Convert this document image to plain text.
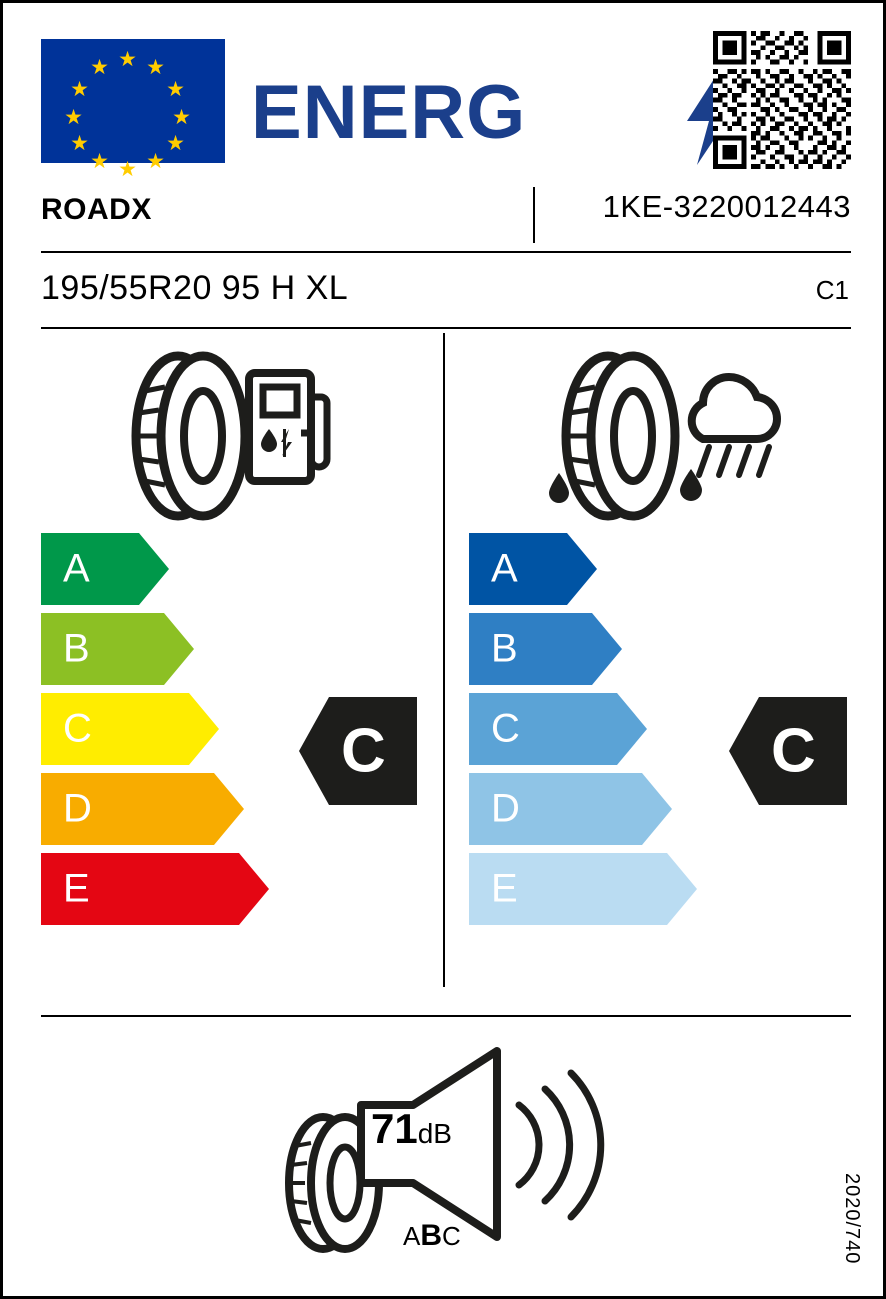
★
★ ★
★	★
★	★
★	★
★ ★
★
ENERG
ROADX	1KE-3220012443
195/55R20 95 H XL	C1
A
B
C
D
E
A
B
C
D
E
C	C
71dB
ABC	2020/740
